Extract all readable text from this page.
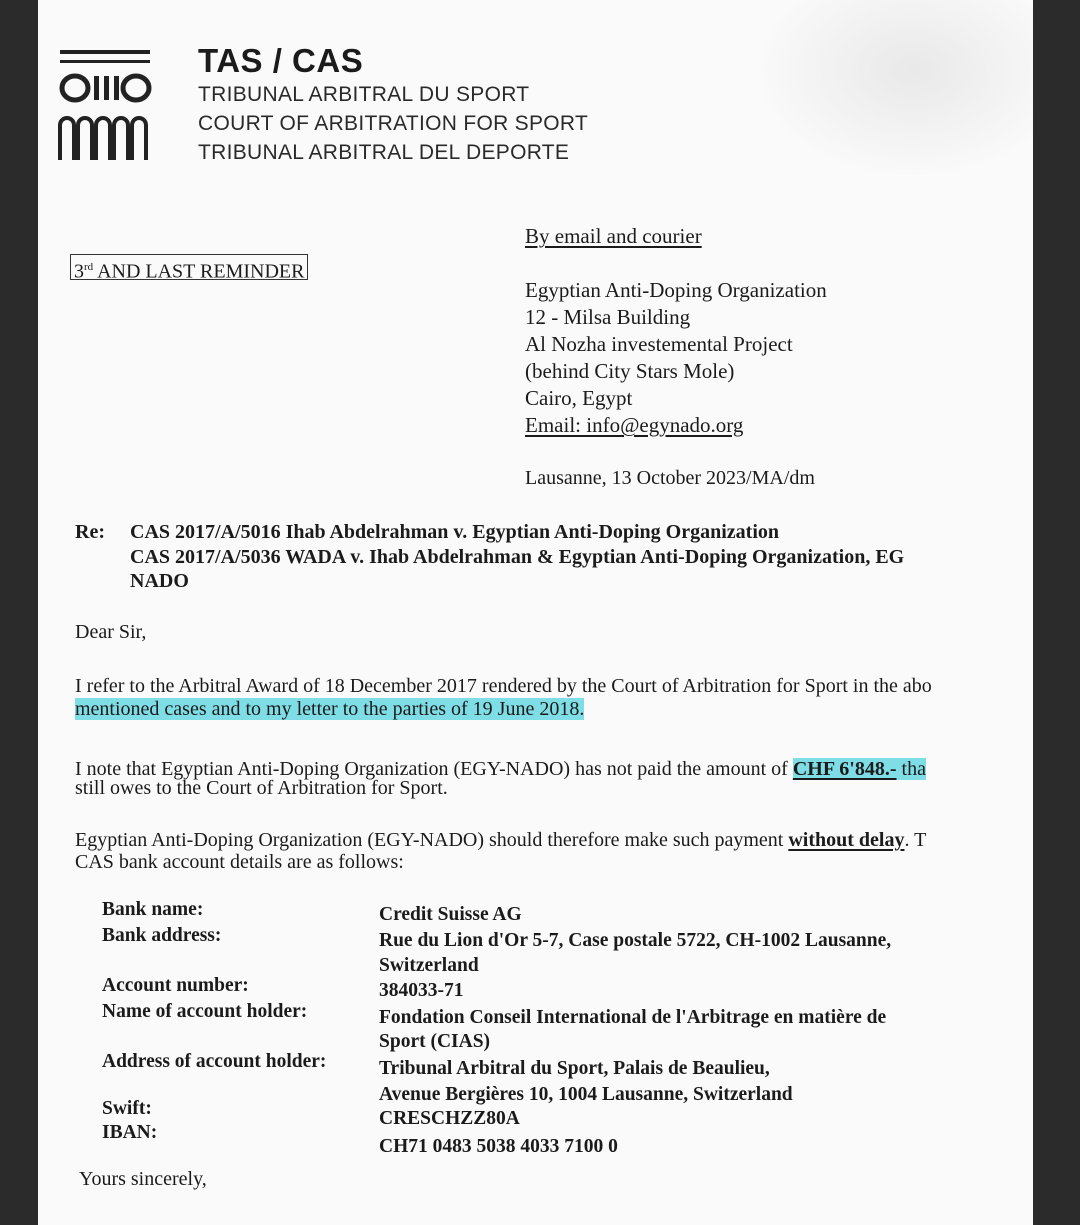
TAS / CAS
TRIBUNAL ARBITRAL DU SPORT
COURT OF ARBITRATION FOR SPORT
TRIBUNAL ARBITRAL DEL DEPORTE
By email and courier
3rd AND LAST REMINDER
Egyptian Anti-Doping Organization
12 - Milsa Building
Al Nozha investemental Project
(behind City Stars Mole)
Cairo, Egypt
Email: info@egynado.org
Lausanne, 13 October 2023/MA/dm
Re: CAS 2017/A/5016 Ihab Abdelrahman v. Egyptian Anti-Doping Organization
CAS 2017/A/5036 WADA v. Ihab Abdelrahman & Egyptian Anti-Doping Organization, EG
NADO
Dear Sir,
I refer to the Arbitral Award of 18 December 2017 rendered by the Court of Arbitration for Sport in the abo
mentioned cases and to my letter to the parties of 19 June 2018.
I note that Egyptian Anti-Doping Organization (EGY-NADO) has not paid the amount of CHF 6'848.- tha
still owes to the Court of Arbitration for Sport.
Egyptian Anti-Doping Organization (EGY-NADO) should therefore make such payment without delay. T
CAS bank account details are as follows:
Bank name:
Bank address:
Account number:
Name of account holder:
Address of account holder:
Swift:
IBAN:
Credit Suisse AG
Rue du Lion d'Or 5-7, Case postale 5722, CH-1002 Lausanne,
Switzerland
384033-71
Fondation Conseil International de l'Arbitrage en matière de
Sport (CIAS)
Tribunal Arbitral du Sport, Palais de Beaulieu,
Avenue Bergières 10, 1004 Lausanne, Switzerland
CRESCHZZ80A
CH71 0483 5038 4033 7100 0
Yours sincerely,
